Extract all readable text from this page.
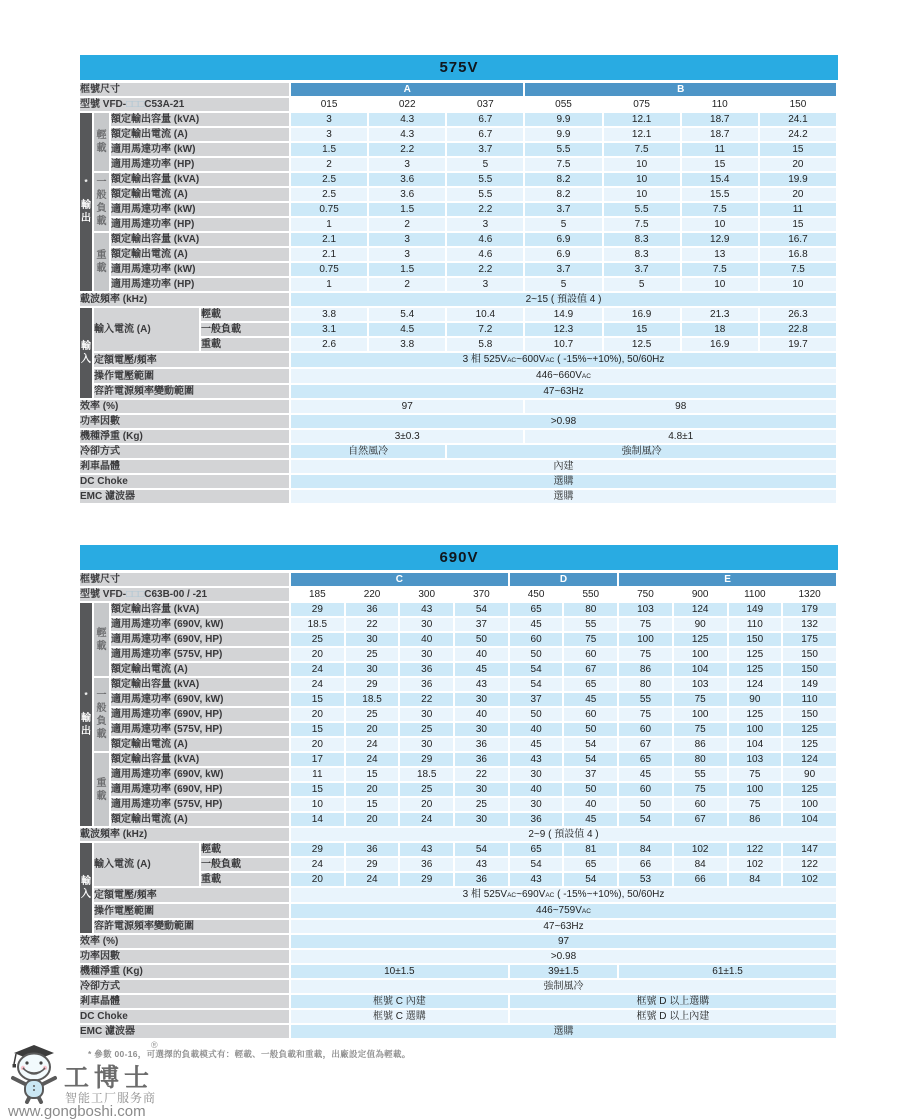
575V
框號尺寸				A			B			
型號 VFD-□□□C53A-21				015	022	037	055	075	110	150

*

輸
出	輕
載	額定輸出容量 (kVA)		3	4.3	6.7	9.9	12.1	18.7	24.1
		額定輸出電流 (A)		3	4.3	6.7	9.9	12.1	18.7	24.2
		適用馬達功率 (kW)		1.5	2.2	3.7	5.5	7.5	11	15
		適用馬達功率 (HP)		2	3	5	7.5	10	15	20
	一
般
負
載	額定輸出容量 (kVA)		2.5	3.6	5.5	8.2	10	15.4	19.9
		額定輸出電流 (A)		2.5	3.6	5.5	8.2	10	15.5	20
		適用馬達功率 (kW)		0.75	1.5	2.2	3.7	5.5	7.5	11
		適用馬達功率 (HP)		1	2	3	5	7.5	10	15
	重
載	額定輸出容量 (kVA)		2.1	3	4.6	6.9	8.3	12.9	16.7
		額定輸出電流 (A)		2.1	3	4.6	6.9	8.3	13	16.8
		適用馬達功率 (kW)		0.75	1.5	2.2	3.7	3.7	7.5	7.5
		適用馬達功率 (HP)		1	2	3	5	5	10	10
載波頻率 (kHz)				2~15 ( 預設值 4 )						
輸
入	輸入電流 (A)		輕載	3.8	5.4	10.4	14.9	16.9	21.3	26.3
			一般負載	3.1	4.5	7.2	12.3	15	18	22.8
			重載	2.6	3.8	5.8	10.7	12.5	16.9	19.7
	定額電壓/頻率			3 相 525VAC~600VAC ( -15%~+10%), 50/60Hz						
	操作電壓範圍			446~660VAC						
	容許電源頻率變動範圍			47~63Hz						
效率 (%)				97			98			
功率因數				>0.98						
機種淨重 (Kg)				3±0.3			4.8±1			
冷卻方式				自然風冷		強制風冷				
剎車晶體				內建						
DC Choke				選購						
EMC 濾波器				選購						
690V
框號尺寸				C				D		E			
型號 VFD-□□□C63B-00 / -21				185	220	300	370	450	550	750	900	1100	1320

*

輸
出	輕
載	額定輸出容量 (kVA)		29	36	43	54	65	80	103	124	149	179
		適用馬達功率 (690V, kW)		18.5	22	30	37	45	55	75	90	110	132
		適用馬達功率 (690V, HP)		25	30	40	50	60	75	100	125	150	175
		適用馬達功率 (575V, HP)		20	25	30	40	50	60	75	100	125	150
		額定輸出電流 (A)		24	30	36	45	54	67	86	104	125	150
	一
般
負
載	額定輸出容量 (kVA)		24	29	36	43	54	65	80	103	124	149
		適用馬達功率 (690V, kW)		15	18.5	22	30	37	45	55	75	90	110
		適用馬達功率 (690V, HP)		20	25	30	40	50	60	75	100	125	150
		適用馬達功率 (575V, HP)		15	20	25	30	40	50	60	75	100	125
		額定輸出電流 (A)		20	24	30	36	45	54	67	86	104	125
	重
載	額定輸出容量 (kVA)		17	24	29	36	43	54	65	80	103	124
		適用馬達功率 (690V, kW)		11	15	18.5	22	30	37	45	55	75	90
		適用馬達功率 (690V, HP)		15	20	25	30	40	50	60	75	100	125
		適用馬達功率 (575V, HP)		10	15	20	25	30	40	50	60	75	100
		額定輸出電流 (A)		14	20	24	30	36	45	54	67	86	104
載波頻率 (kHz)				2~9 ( 預設值 4 )									
輸
入	輸入電流 (A)		輕載	29	36	43	54	65	81	84	102	122	147
			一般負載	24	29	36	43	54	65	66	84	102	122
			重載	20	24	29	36	43	54	53	66	84	102
	定額電壓/頻率			3 相 525VAC~690VAC ( -15%~+10%), 50/60Hz									
	操作電壓範圍			446~759VAC									
	容許電源頻率變動範圍			47~63Hz									
效率 (%)				97									
功率因數				>0.98									
機種淨重 (Kg)				10±1.5				39±1.5		61±1.5			
冷卻方式				強制風冷									
剎車晶體				框號 C 內建				框號 D 以上選購					
DC Choke				框號 C 選購				框號 D 以上內建					
EMC 濾波器				選購									
* 參數 00-16，可選擇的負載模式有：輕載、一般負載和重載，出廠設定值為輕載。
®
工博士
智能工厂服务商
www.gongboshi.com
